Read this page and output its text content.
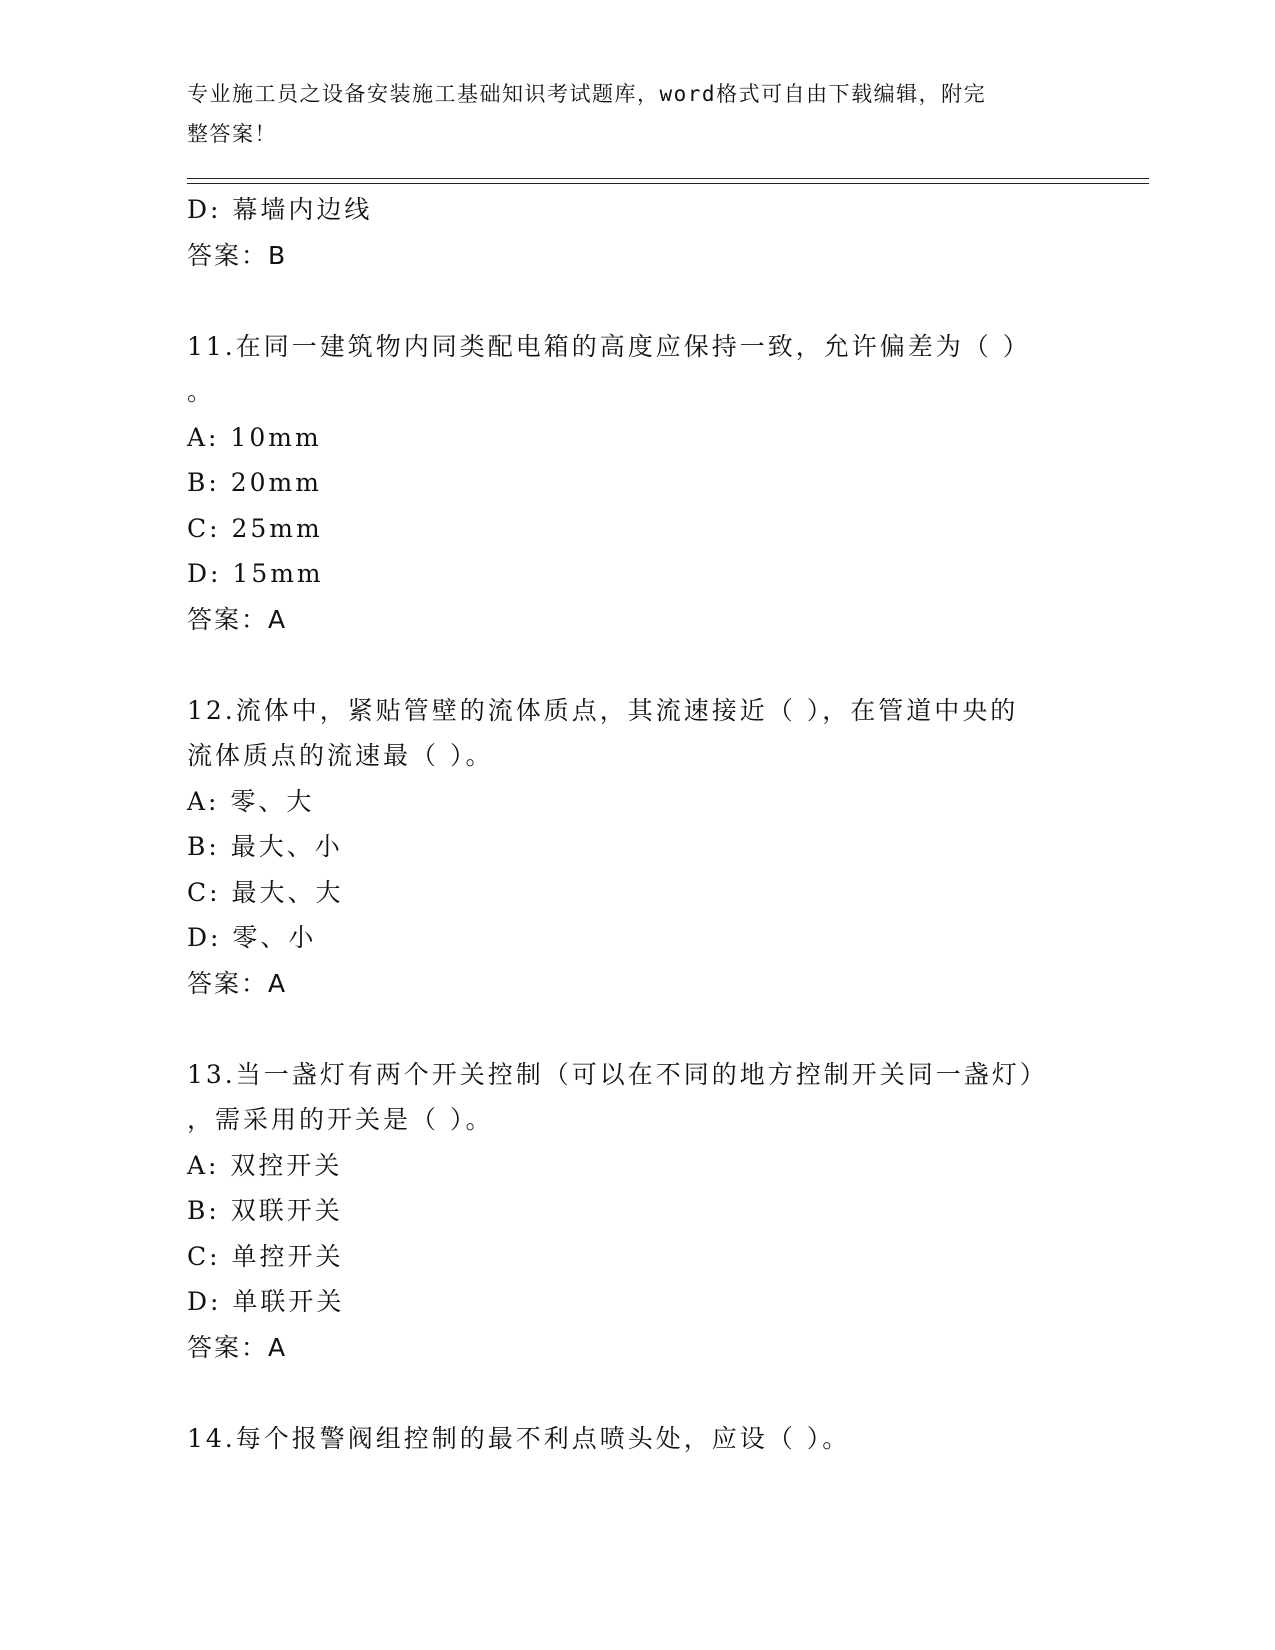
专业施工员之设备安装施工基础知识考试题库，word格式可自由下载编辑，附完
整答案！
D: 幕墙内边线
答案：B
11.在同一建筑物内同类配电箱的高度应保持一致，允许偏差为（ ）
。
A: 10mm
B: 20mm
C: 25mm
D: 15mm
答案：A
12.流体中，紧贴管壁的流体质点，其流速接近（ ），在管道中央的
流体质点的流速最（ ）。
A: 零、大
B: 最大、小
C: 最大、大
D: 零、小
答案：A
13.当一盏灯有两个开关控制（可以在不同的地方控制开关同一盏灯）
，需采用的开关是（ ）。
A: 双控开关
B: 双联开关
C: 单控开关
D: 单联开关
答案：A
14.每个报警阀组控制的最不利点喷头处，应设（ ）。
